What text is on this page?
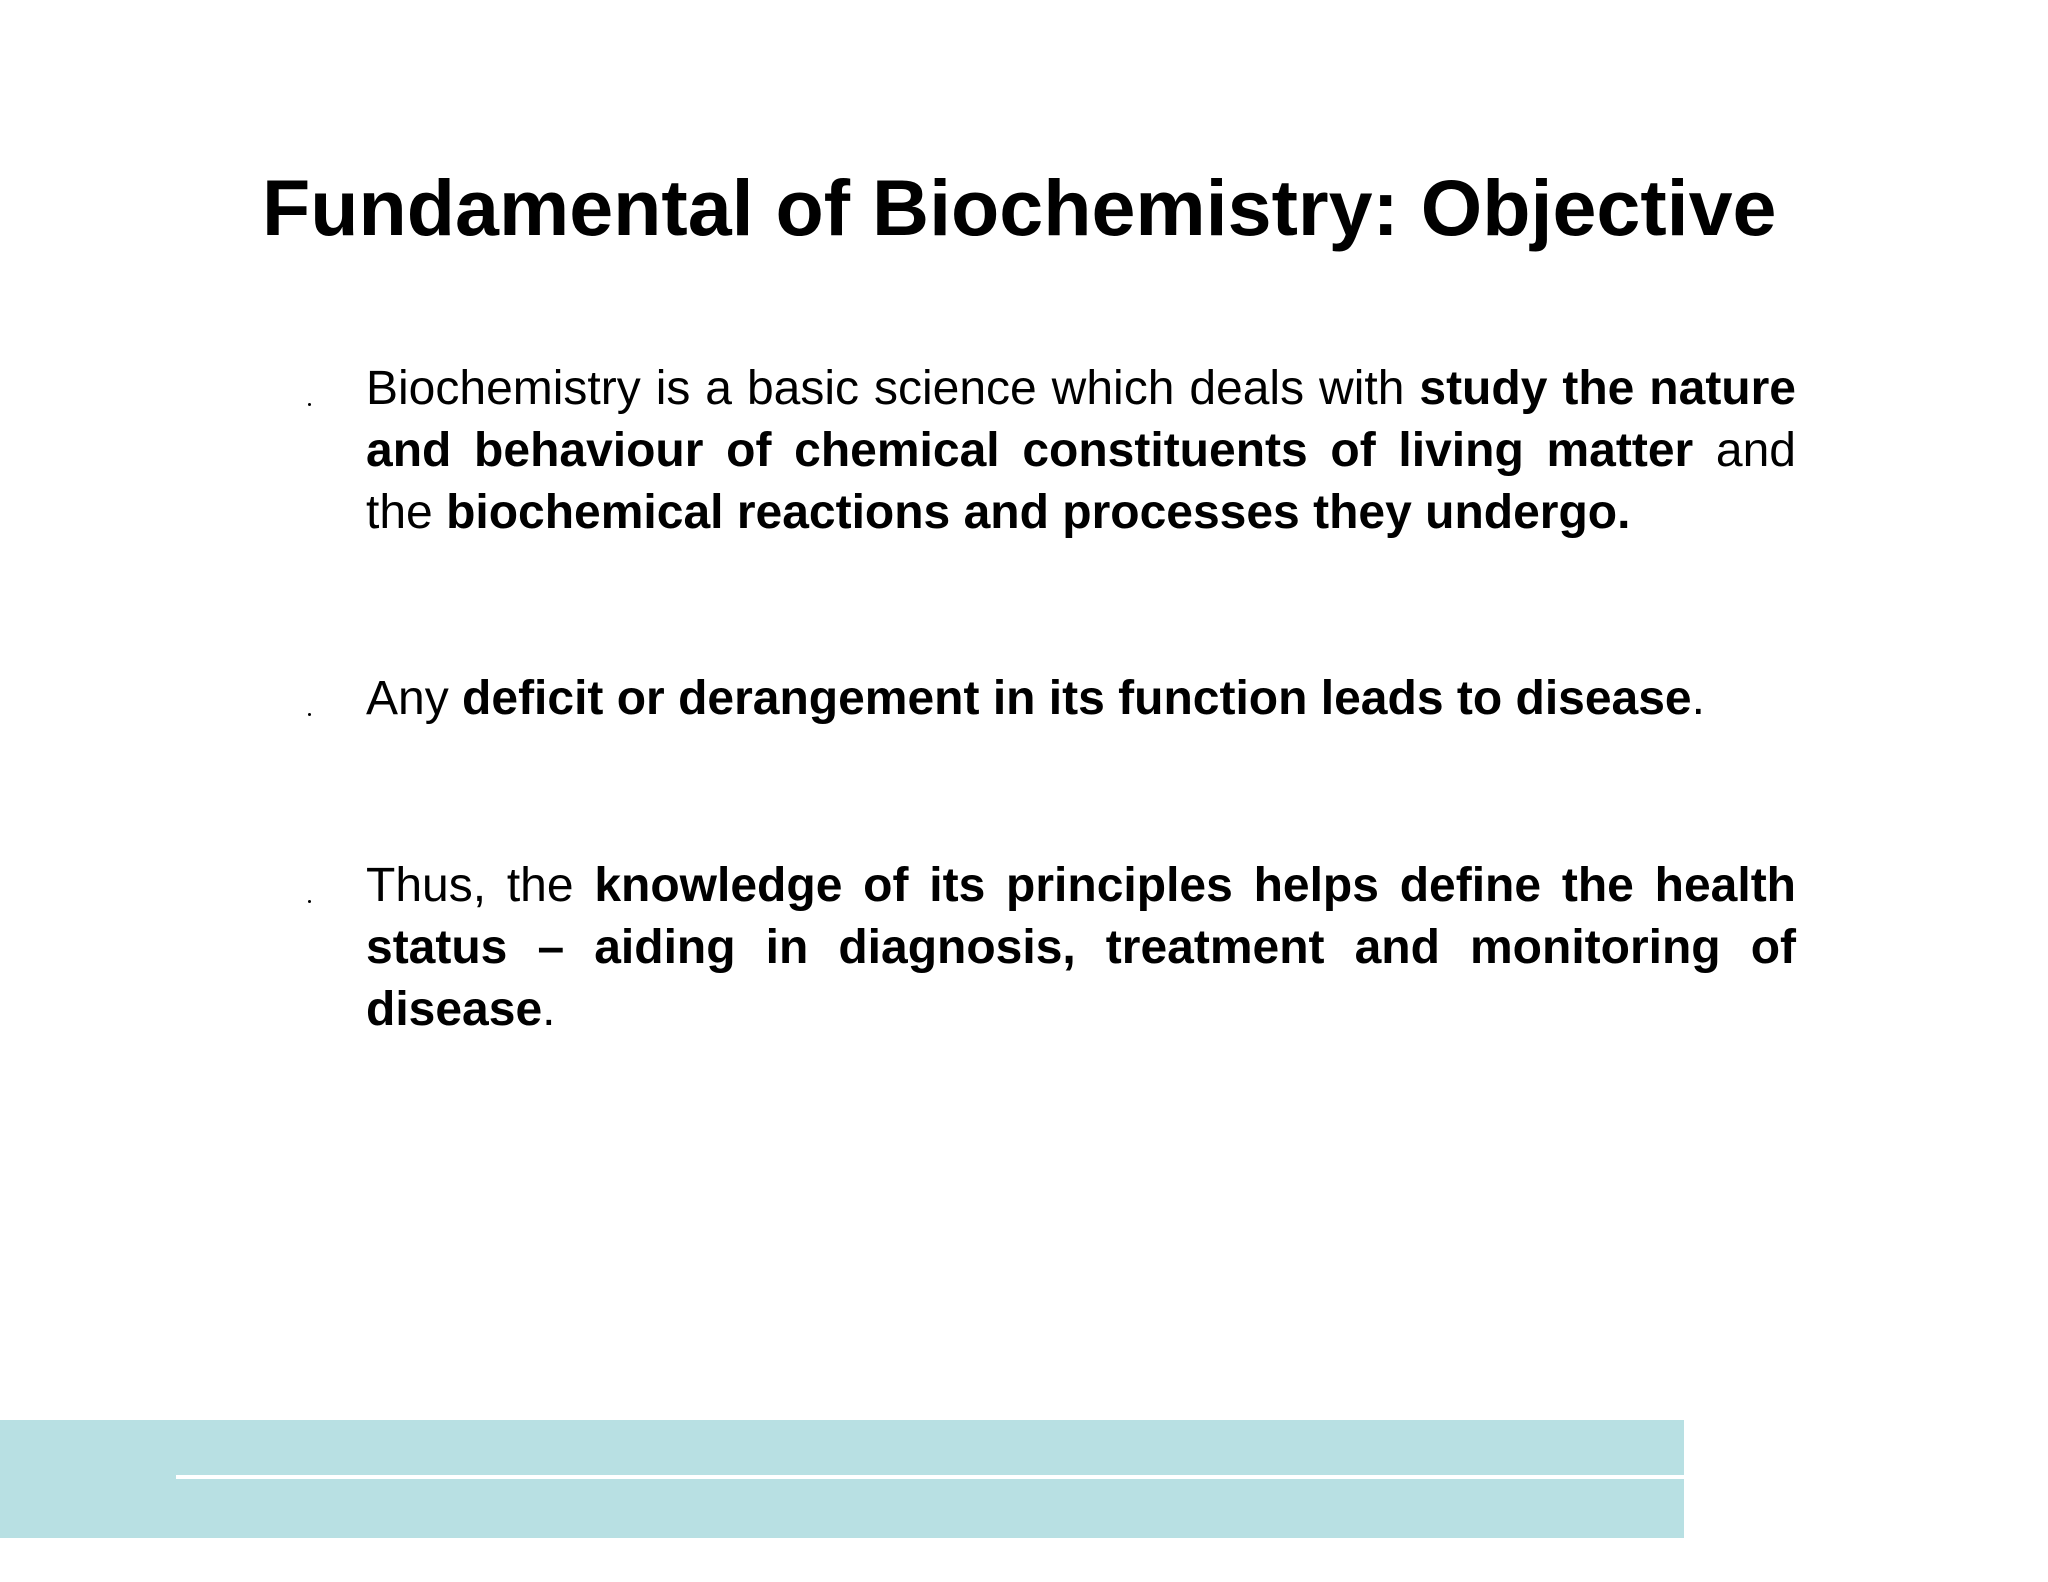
Fundamental of Biochemistry: Objective

Biochemistry is a basic science which deals with study the nature and behaviour of chemical constituents of living matter and the biochemical reactions and processes they undergo.

Any deficit or derangement in its function leads to disease.

Thus, the knowledge of its principles helps define the health status – aiding in diagnosis, treatment and monitoring of disease.
